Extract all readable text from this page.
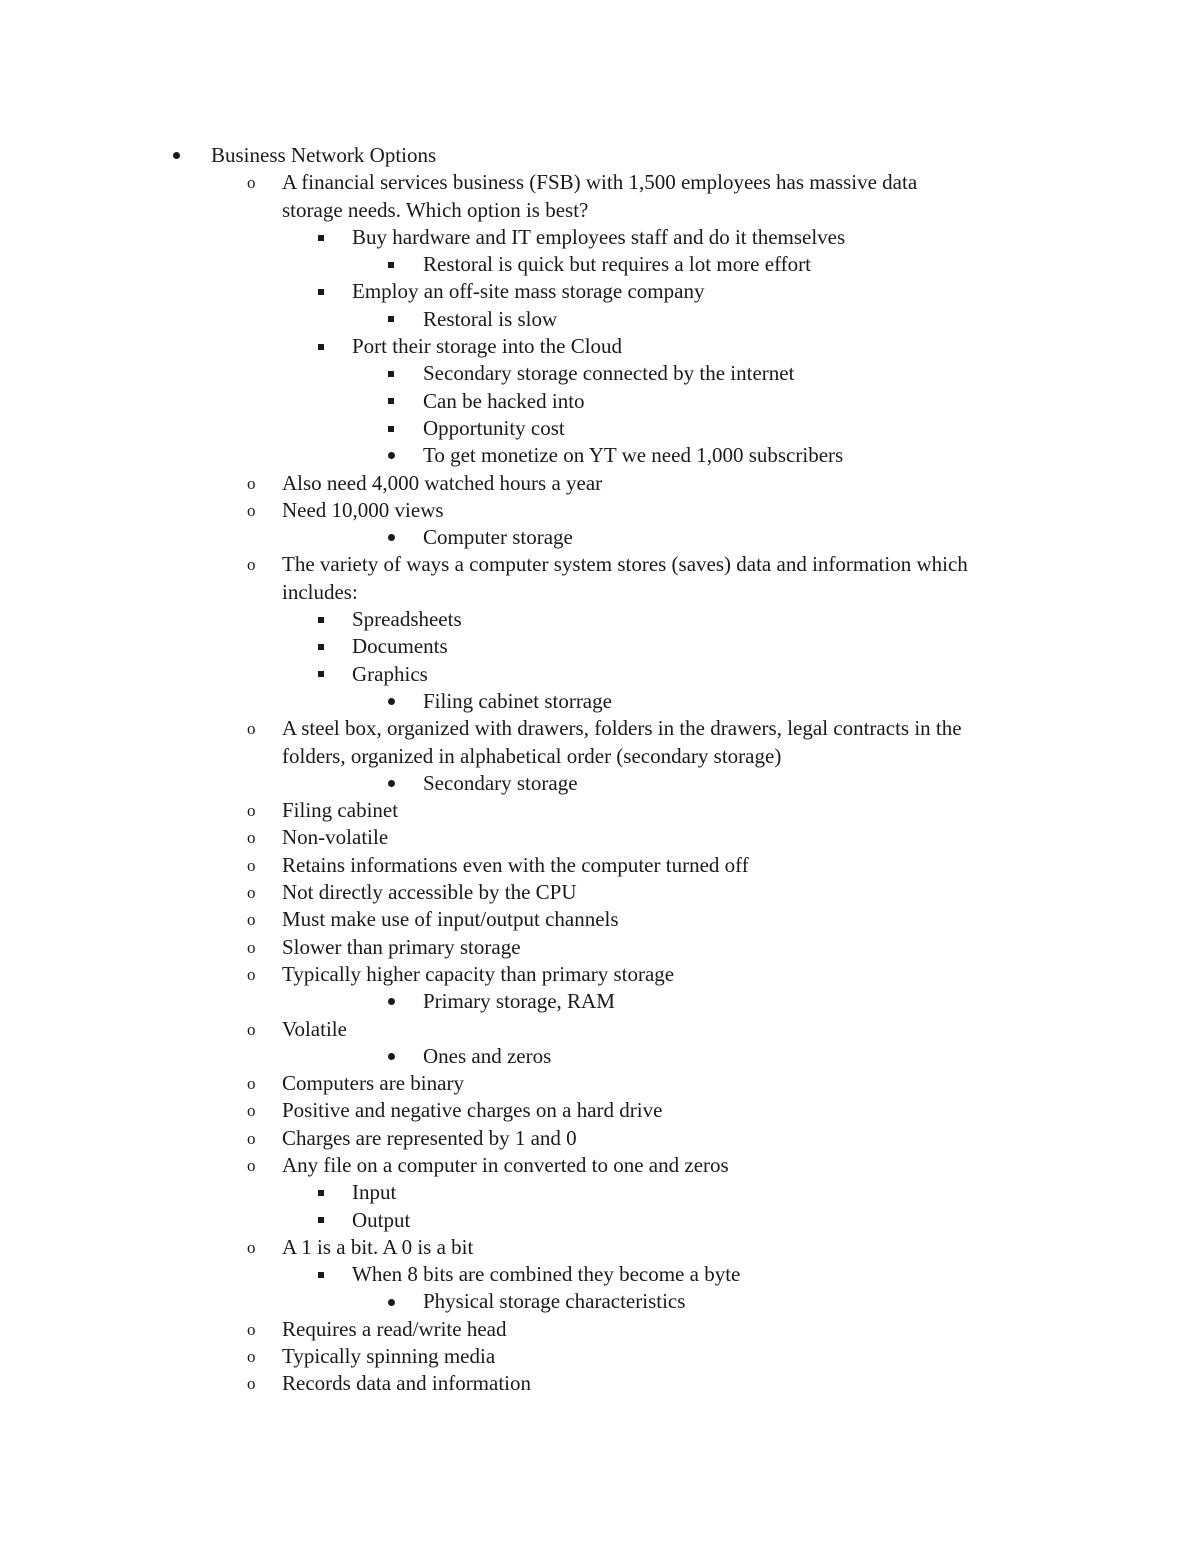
Business Network Options
o	A financial services business (FSB) with 1,500 employees has massive data
storage needs. Which option is best?
Buy hardware and IT employees staff and do it themselves
Restoral is quick but requires a lot more effort
Employ an off-site mass storage company
Restoral is slow
Port their storage into the Cloud
Secondary storage connected by the internet
Can be hacked into
Opportunity cost
To get monetize on YT we need 1,000 subscribers
o	Also need 4,000 watched hours a year
o	Need 10,000 views
Computer storage
o	The variety of ways a computer system stores (saves) data and information which
includes:
Spreadsheets
Documents
Graphics
Filing cabinet storrage
o	A steel box, organized with drawers, folders in the drawers, legal contracts in the
folders, organized in alphabetical order (secondary storage)
Secondary storage
o	Filing cabinet
o	Non-volatile
o	Retains informations even with the computer turned off
o	Not directly accessible by the CPU
o	Must make use of input/output channels
o	Slower than primary storage
o	Typically higher capacity than primary storage
Primary storage, RAM
o	Volatile
Ones and zeros
o	Computers are binary
o	Positive and negative charges on a hard drive
o	Charges are represented by 1 and 0
o	Any file on a computer in converted to one and zeros
Input
Output
o	A 1 is a bit. A 0 is a bit
When 8 bits are combined they become a byte
Physical storage characteristics
o	Requires a read/write head
o	Typically spinning media
o	Records data and information
